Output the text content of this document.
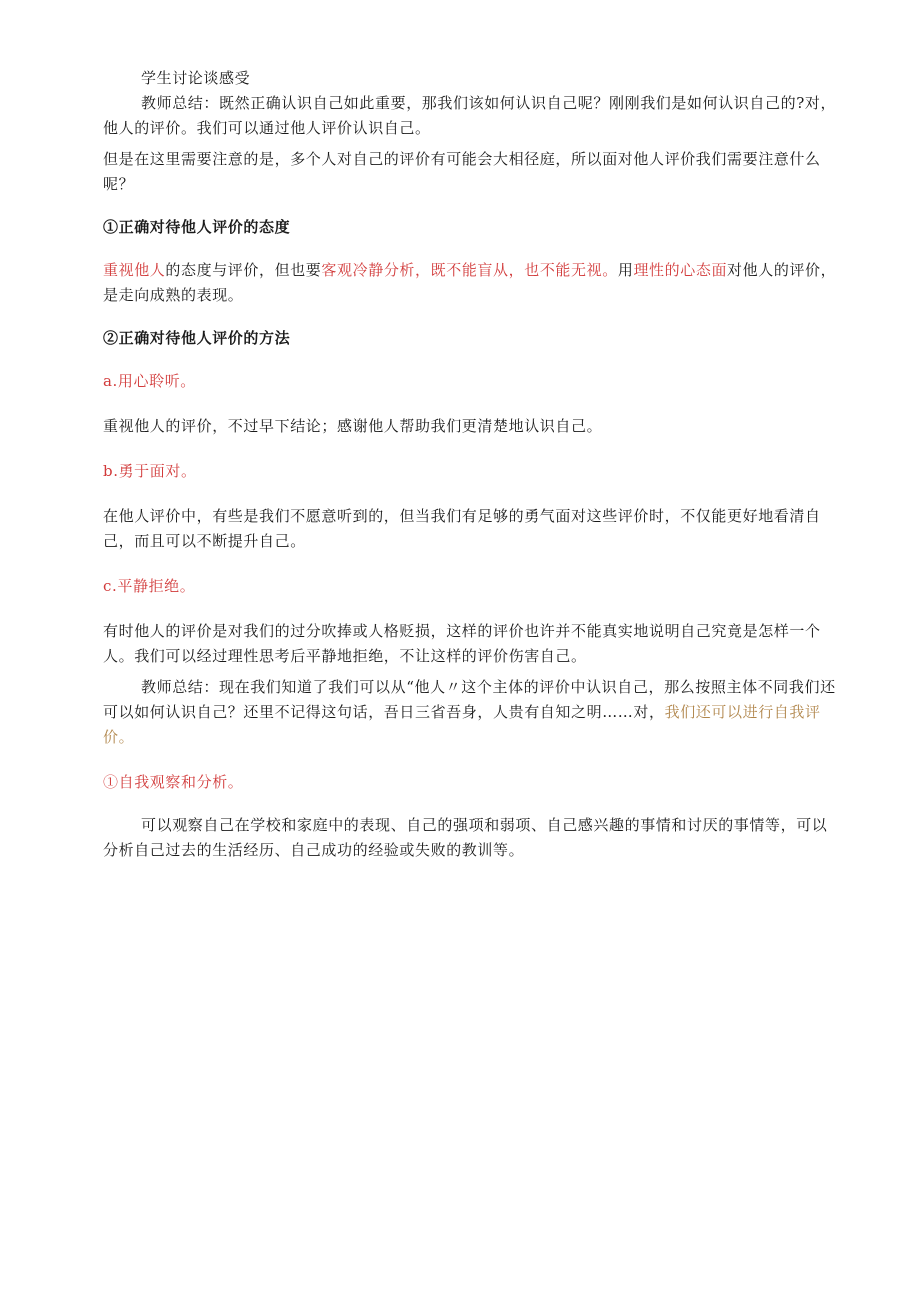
学生讨论谈感受

教师总结：既然正确认识自己如此重要，那我们该如何认识自己呢？刚刚我们是如何认识自己的?对，他人的评价。我们可以通过他人评价认识自己。

但是在这里需要注意的是，多个人对自己的评价有可能会大相径庭，所以面对他人评价我们需要注意什么呢？

①正确对待他人评价的态度

重视他人的态度与评价，但也要客观冷静分析，既不能盲从，也不能无视。用理性的心态面对他人的评价，是走向成熟的表现。

②正确对待他人评价的方法

a.用心聆听。

重视他人的评价，不过早下结论；感谢他人帮助我们更清楚地认识自己。

b.勇于面对。

在他人评价中，有些是我们不愿意听到的，但当我们有足够的勇气面对这些评价时，不仅能更好地看清自己，而且可以不断提升自己。

c.平静拒绝。

有时他人的评价是对我们的过分吹捧或人格贬损，这样的评价也许并不能真实地说明自己究竟是怎样一个人。我们可以经过理性思考后平静地拒绝，不让这样的评价伤害自己。

教师总结：现在我们知道了我们可以从“他人〃这个主体的评价中认识自己，那么按照主体不同我们还可以如何认识自己？还里不记得这句话，吾日三省吾身，人贵有自知之明……对，我们还可以进行自我评价。

①自我观察和分析。

可以观察自己在学校和家庭中的表现、自己的强项和弱项、自己感兴趣的事情和讨厌的事情等，可以分析自己过去的生活经历、自己成功的经验或失败的教训等。
